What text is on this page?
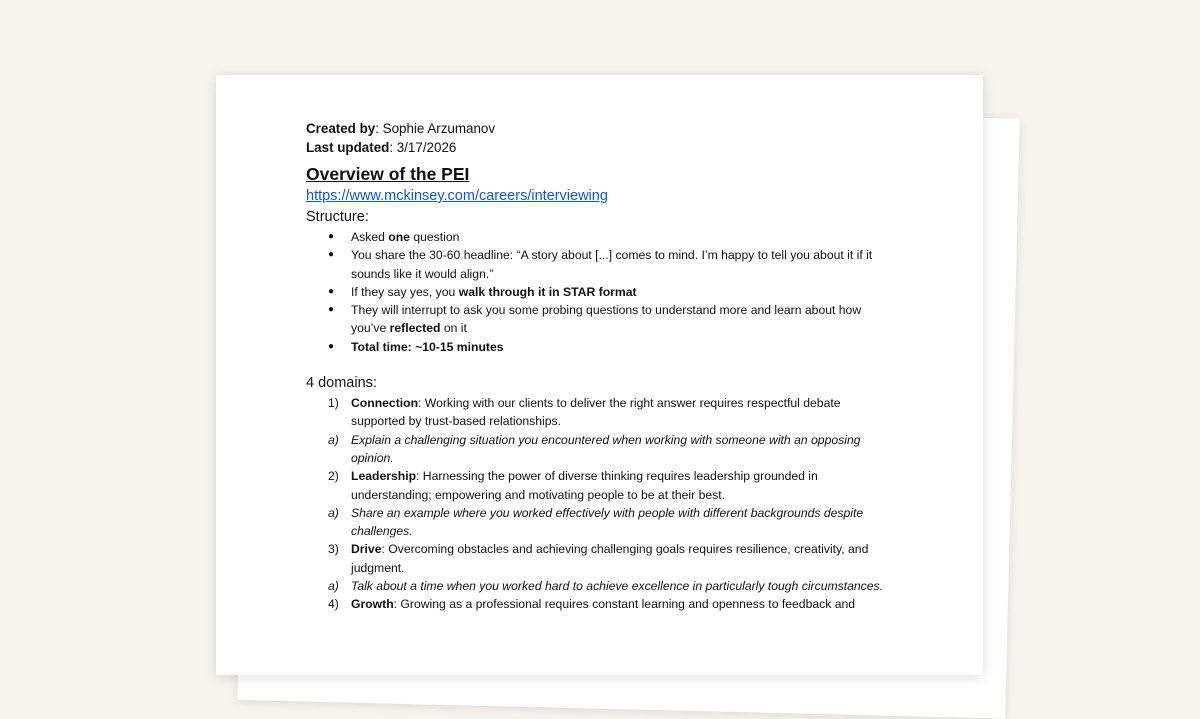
Created by: Sophie Arzumanov
Last updated: 3/17/2026
Overview of the PEI
https://www.mckinsey.com/careers/interviewing
Structure:
● Asked one question
● You share the 30-60 headline: “A story about [...] comes to mind. I’m happy to tell you about it if it sounds like it would align.”
● If they say yes, you walk through it in STAR format
● They will interrupt to ask you some probing questions to understand more and learn about how you’ve reflected on it
● Total time: ~10-15 minutes
4 domains:
1) Connection: Working with our clients to deliver the right answer requires respectful debate supported by trust-based relationships.
a) Explain a challenging situation you encountered when working with someone with an opposing opinion.
2) Leadership: Harnessing the power of diverse thinking requires leadership grounded in understanding; empowering and motivating people to be at their best.
a) Share an example where you worked effectively with people with different backgrounds despite challenges.
3) Drive: Overcoming obstacles and achieving challenging goals requires resilience, creativity, and judgment.
a) Talk about a time when you worked hard to achieve excellence in particularly tough circumstances.
4) Growth: Growing as a professional requires constant learning and openness to feedback and
